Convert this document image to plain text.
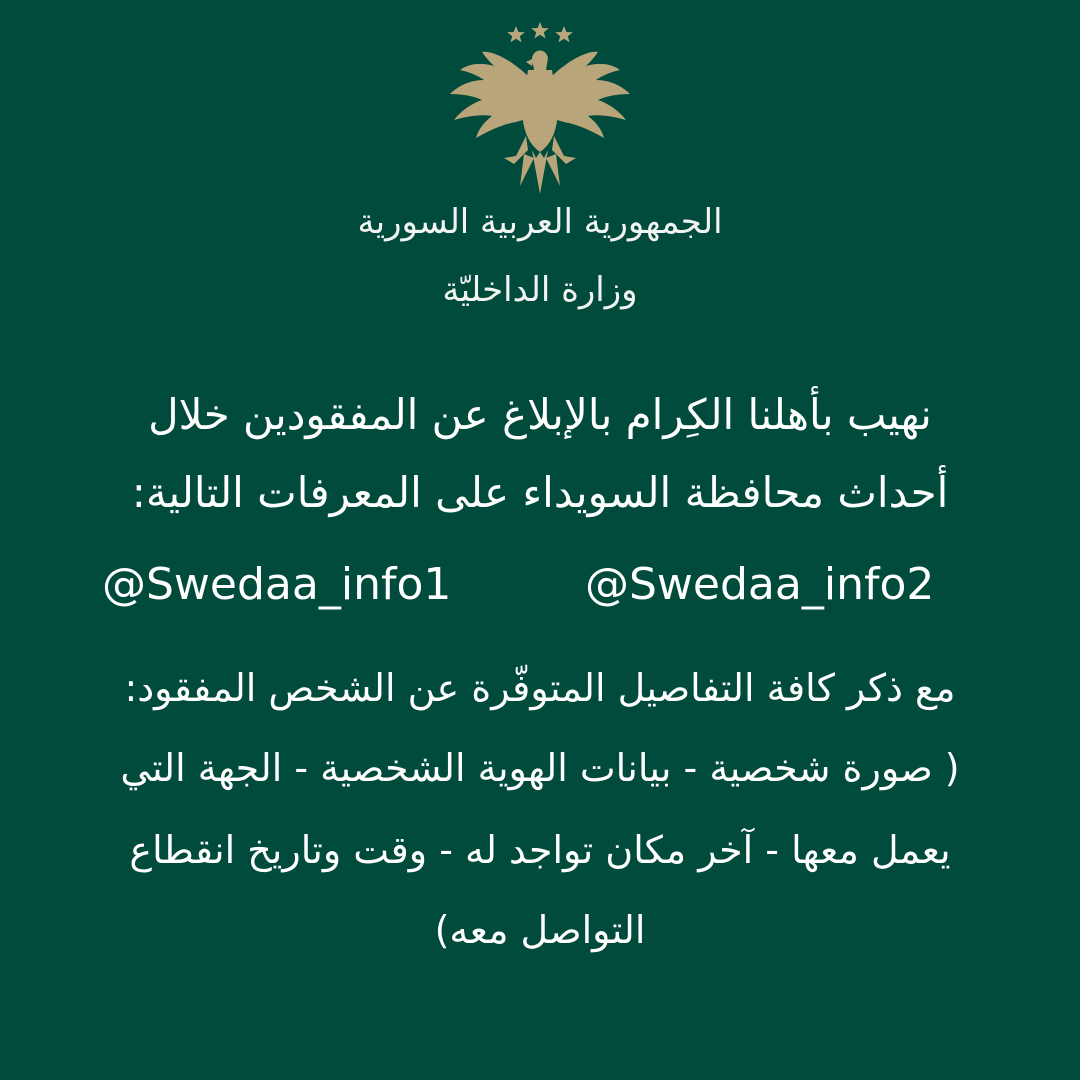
الجمهورية العربية السورية
وزارة الداخليّة
نهيب بأهلنا الكِرام بالإبلاغ عن المفقودين خلال
أحداث محافظة السويداء على المعرفات التالية:
@Swedaa_info1	@Swedaa_info2
مع ذكر كافة التفاصيل المتوفّرة عن الشخص المفقود:
( صورة شخصية - بيانات الهوية الشخصية - الجهة التي
يعمل معها - آخر مكان تواجد له - وقت وتاريخ انقطاع
التواصل معه)
